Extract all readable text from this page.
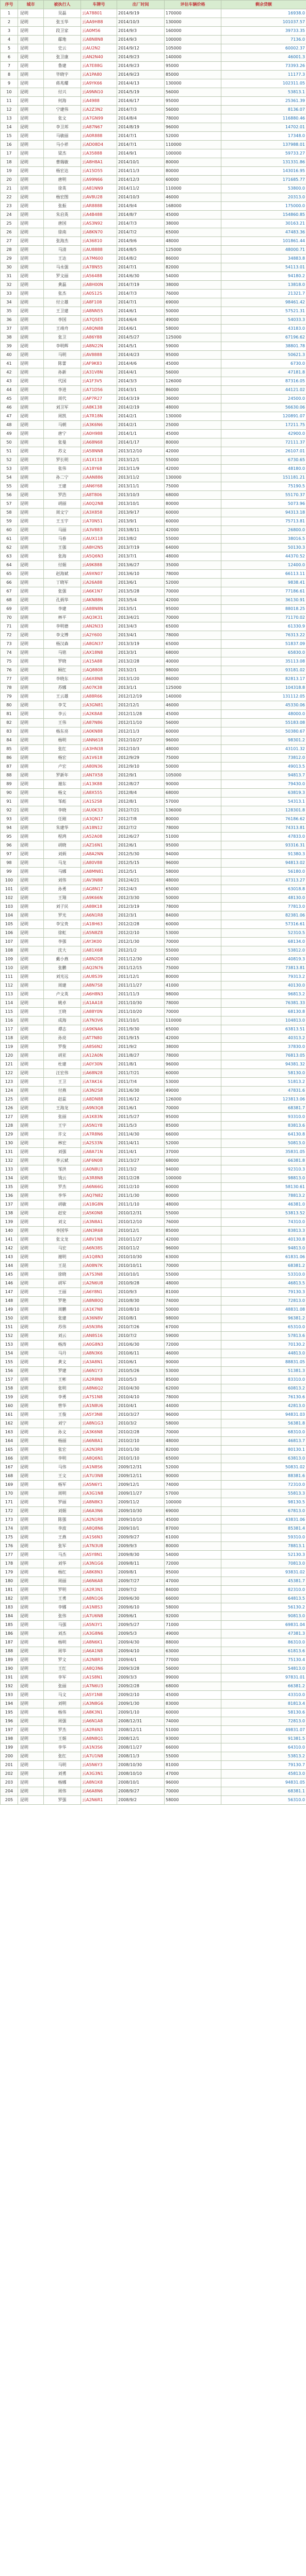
序号	城市	被执行人	车牌号	出厂时间	评估车辆价格	剩余贷额
1	昆明	吴磊	云A78801	2014/9/19	170000	16938.0
2	昆明	张玉华	云AA9H88	2014/10/3	130000	101037.57
3	昆明	段卫家	云A0M56	2014/9/3	160000	39733.35
4	昆明	鄢地	云A8N8N8	2014/9/3	100000	7136.0
5	昆明	史云	云AU2N2	2014/9/12	105000	60002.37
6	昆明	张卫康	云AN2N40	2014/9/23	140000	46001.3
7	昆明	鲁建	云A7E88G	2014/9/23	95000	73393.26
8	昆明	毕晓宇	云A1PA80	2014/9/23	85000	11177.3
9	昆明	蒋兆耀	云A9YK66	2014/4/13	130000	102311.05
10	昆明	付兴	云A9NN10	2014/5/19	56000	53813.1
11	昆明	何海	云A4988	2014/6/17	95000	25361.39
12	昆明	宁建伟	云A2Z3N2	2014/7/3	56000	8136.07
13	昆明	张文	云A7GN99	2014/8/4	78000	116880.46
14	昆明	李卫邦	云A87N67	2014/8/19	96000	14702.01
15	昆明	马敏丽	云A0R888	2014/7/1	52000	17348.0
16	昆明	马小祥	云AD08D4	2014/7/1	110000	137988.01
17	昆明	梁杰	云A35888	2014/9/1	100000	59733.27
18	昆明	曹瑞敏	云A8H8A1	2014/10/1	80000	131331.86
19	昆明	杨宏达	云A15D55	2014/11/3	80000	143016.95
20	昆明	唐明	云A99N66	2014/12/3	60000	171685.77
21	昆明	徐英	云A81NN9	2014/11/2	110000	53800.0
22	昆明	杨宏图	云AV8U28	2014/10/3	46000	20313.0
23	昆明	张振	云AR8888	2014/9/4	168000	175000.0
24	昆明	朱启英	云A4B488	2014/8/7	45000	154860.85
25	昆明	唐国	云AS3N92	2014/7/3	38000	30163.21
26	昆明	徐南	云A8KN70	2014/7/2	65000	47483.36
27	昆明	张海杰	云A36810	2014/9/6	48000	101861.44
28	昆明	马清	云AU8888	2014/8/5	125000	48000.71
29	昆明	王达	云A7M600	2014/8/2	86000	34883.8
30	昆明	马永强	云A78N55	2014/7/1	82000	54113.01
31	昆明	罗文丽	云A56488	2014/6/30	54000	94180.2
32	昆明	黄磊	云A8H00N	2014/7/19	38000	13818.0
33	昆明	张杰	云A0S12S	2014/7/3	76000	21321.7
34	昆明	付立雄	云A8F108	2014/7/1	69000	98461.42
35	昆明	王卫建	云A8NN55	2014/6/1	50000	57521.31
36	昆明	李国	云A7Q5E5	2014/6/4	49000	54033.3
37	昆明	王靖舟	云A8QN88	2014/6/1	58000	43183.0
38	昆明	张卫	云A86Y88	2014/5/27	125000	67196.62
39	昆明	李明辉	云A8N22N	2014/5/1	59000	38801.78
40	昆明	马明	云AV8888	2014/4/23	95000	50621.3
41	昆明	陈蕾	云AF9K83	2014/4/6	45000	6730.0
42	昆明	孙新	云A31V8N	2014/4/1	56000	47181.8
43	昆明	代国	云A1F3V5	2014/3/3	126000	87316.05
44	昆明	李进	云A71D56	2014/3/1	86000	44121.02
45	昆明	周代	云AP7R27	2014/3/19	36000	24500.0
46	昆明	刘卫军	云A8K138	2014/2/19	48000	56630.06
47	昆明	周凯	云A7R18N	2014/2/1	130000	120891.07
48	昆明	马朝	云A3K6N6	2014/2/1	25000	17211.75
49	昆明	唐宁	云A0H988	2014/1/1	45000	42900.0
50	昆明	张曼	云A68N68	2014/1/17	80000	72111.37
51	昆明	苏文	云A58NN8	2013/12/10	42000	26107.01
52	昆明	罗长明	云A1X118	2013/12/1	55000	6730.65
53	昆明	张伟	云A18Y68	2013/11/9	42000	48180.0
54	昆明	孙二宁	云AAN886	2013/11/2	130000	151181.21
55	昆明	王建	云AN6Y68	2013/11/1	75000	75190.5
56	昆明	罗浩	云A8T806	2013/10/3	68000	55170.37
57	昆明	胡丽	云A0Q2N8	2013/10/1	80000	5073.96
58	昆明	周文宁	云A3X858	2013/9/17	60000	94313.18
59	昆明	王玉宇	云A70N51	2013/9/1	60000	75713.81
60	昆明	马丽	云A3V883	2013/8/11	42000	26800.0
61	昆明	马春	云AUX118	2013/8/2	55000	38016.5
62	昆明	王强	云A8H2N5	2013/7/19	64000	50130.3
63	昆明	张海	云A5Q6N3	2013/7/1	48000	44370.52
64	昆明	付娟	云A9K888	2013/6/27	35000	12400.0
65	昆明	赵海斌	云A9XN07	2013/6/10	78000	66113.11
66	昆明	丁晓军	云A26A88	2013/6/1	52000	9838.41
67	昆明	张强	云A6K1N7	2013/5/28	70000	77186.61
68	昆明	孔炳华	云AKN886	2013/5/4	42000	36130.91
69	昆明	李建	云A88N8N	2013/5/1	95000	88018.25
70	昆明	林平	云AQ3K31	2013/4/21	70000	71170.02
71	昆明	李明德	云AN2N33	2013/4/3	65000	61330.9
72	昆明	李文博	云A2Y600	2013/4/1	78000	76313.22
73	昆明	杨汉森	云A8GN37	2013/3/19	65000	51837.09
74	昆明	马铭	云AX18N8	2013/3/1	68000	65830.0
75	昆明	罗晓	云A15A88	2013/2/28	40000	35113.08
76	昆明	顾红	云AQ8808	2013/2/1	98000	93181.02
77	昆明	李晓东	云A6X8N8	2013/1/20	86000	82813.17
78	昆明	苏娜	云A07K38	2013/1/1	125000	104318.8
79	昆明	王云雄	云A88R66	2012/12/19	140000	131112.05
80	昆明	李艾	云A3GN81	2012/12/1	46000	45330.06
81	昆明	李云	云A2K8A8	2012/11/28	45000	48000.0
82	昆明	王伟	云A87N86	2012/11/10	56000	55183.08
83	昆明	杨东亮	云A0KN88	2012/11/3	60000	50380.67
84	昆明	杨明	云ANN618	2012/10/27	96000	98301.2
85	昆明	张红	云A3HN38	2012/10/3	48000	43101.32
86	昆明	杨宏	云A1V618	2012/9/29	75000	73812.0
87	昆明	卢宏	云A80N36	2012/9/10	50000	49013.5
88	昆明	罗新年	云AN7X58	2012/9/1	105000	94813.7
89	昆明	谢东	云A13K88	2012/8/27	90000	79430.0
90	昆明	杨文	云A8X555	2012/8/4	68000	63819.3
91	昆明	邹彪	云A1S2S8	2012/8/1	57000	54313.1
92	昆明	李晓	云AU0K33	2012/7/21	136000	128301.8
93	昆明	任刚	云A3QN17	2012/7/8	80000	76186.62
94	昆明	朱建华	云A18N12	2012/7/2	78000	74313.81
95	昆明	程鸿	云A52A08	2012/6/27	51000	47833.0
96	昆明	胡晓	云AZ16N1	2012/6/1	95000	93316.31
97	昆明	刘炳	云A8A2NN	2012/5/30	94000	91380.3
98	昆明	马龙	云A80V88	2012/5/15	96000	94813.02
99	昆明	马娜	云A8MN81	2012/5/1	58000	56180.0
100	昆明	刘伟	云AV3N88	2012/4/21	48000	47313.27
101	昆明	孙勇	云AG8N17	2012/4/3	65000	63018.8
102	昆明	王翔	云A9K66N	2012/3/30	50000	48130.0
103	昆明	刘子民	云A88K18	2012/3/19	78000	77813.0
104	昆明	罗光	云A6N1R8	2012/3/1	84000	82381.06
105	昆明	李宝贵	云A18H63	2012/2/28	60000	57316.61
106	昆明	徐虹	云A5N8Z8	2012/2/10	53000	52310.5
107	昆明	李强	云AY3K00	2012/1/30	70000	68134.0
108	昆明	沈大	云A81X68	2012/1/2	55000	53812.0
109	昆明	戴小燕	云A8N2D8	2011/12/30	42000	40819.3
110	昆明	张鹏	云AQ2N76	2011/12/15	75000	73813.81
111	昆明	刘光远	云AU8S39	2011/12/1	80000	79313.2
112	昆明	周建	云A8N7S8	2011/11/27	41000	40130.0
113	昆明	卢文英	云A6H8N3	2011/11/3	98000	96813.2
114	昆明	姚卓	云A1AA18	2011/10/30	78000	76381.33
115	昆明	王晓	云A88Y0N	2011/10/20	70000	68130.8
116	昆明	成海	云A7N3V6	2011/10/1	110000	104813.0
117	昆明	谭志	云A9KNA6	2011/9/30	65000	63813.51
118	昆明	孙亮	云AT7N80	2011/9/15	42000	40313.2
119	昆明	罗俊	云A8S6N2	2011/9/2	38000	37830.0
120	昆明	胡亚	云A12A0N	2011/8/27	78000	76813.05
121	昆明	杜建	云A0Y30N	2011/8/1	96000	94381.32
122	昆明	汪宏伟	云A68N28	2011/7/21	60000	58130.0
123	昆明	王卫	云A7AK16	2011/7/4	53000	51813.2
124	昆明	付燕	云A3N2S8	2011/6/30	49000	47831.6
125	昆明	赵蕊	云A8DN88	2011/6/12	126000	123813.06
126	昆明	王海龙	云A9N3Q8	2011/6/1	70000	68381.7
127	昆明	张丽	云A1K83N	2011/5/27	95000	93310.0
128	昆明	王宇	云A5N1Y8	2011/5/3	85000	83813.6
129	昆明	许文	云A7R8N6	2011/4/30	66000	64130.8
130	昆明	林宏	云A2S33N	2011/4/11	52000	50813.0
131	昆明	刘强	云A8A71N	2011/4/1	37000	35831.05
132	昆明	李云斌	云AF6N08	2011/3/27	68000	66381.8
133	昆明	邹洪	云A0N8U3	2011/3/2	94000	92310.3
134	昆明	钱云	云A3R8N8	2011/2/28	100000	98813.0
135	昆明	罗杰	云A6N66G	2011/2/10	60000	58130.61
136	昆明	李华	云AQ7N82	2011/1/30	80000	78813.2
137	昆明	胡敏	云A18G8N	2011/1/10	48000	46381.0
138	昆明	赵安	云A5K0N8	2010/12/31	55000	53813.52
139	昆明	刘文	云A3N8A1	2010/12/10	76000	74310.0
140	昆明	李国华	云AN3R68	2010/12/1	85000	83813.3
141	昆明	张文龙	云A8V1N8	2010/11/27	42000	40130.8
142	昆明	马宏	云A6N38S	2010/11/2	96000	94813.0
143	昆明	谢明	云A1Q8N3	2010/10/30	63000	61831.06
144	昆明	王昆	云A08N7K	2010/10/11	70000	68381.2
145	昆明	徐晓	云A7S3N8	2010/10/1	55000	53310.0
146	昆明	胡军	云A2N6U8	2010/9/28	48000	46813.5
147	昆明	王丽	云A6Y8N1	2010/9/3	81000	79130.3
148	昆明	罗艳	云A8N80Q	2010/8/30	74000	72813.0
149	昆明	周鹏	云A1K7N8	2010/8/10	50000	48831.08
150	昆明	张建	云A36N8V	2010/8/1	98000	96381.2
151	昆明	苏伟	云A5N3R6	2010/7/26	67000	65310.0
152	昆明	刘云	云AN8S16	2010/7/2	59000	57813.6
153	昆明	杨涛	云A0G8N3	2010/6/30	72000	70130.2
154	昆明	马丹	云A8N3K6	2010/6/11	46000	44813.0
155	昆明	黄文	云A3A8N1	2010/6/1	90000	88831.05
156	昆明	罗建	云A6N1Y3	2010/5/26	53000	51381.3
157	昆明	王彬	云A2R8N8	2010/5/3	85000	83310.0
158	昆明	张明	云A8N6Q2	2010/4/30	62000	60813.2
159	昆明	李勇	云A7S1N8	2010/4/10	78000	76130.6
160	昆明	曾华	云A1N8U6	2010/4/1	44000	42813.0
161	昆明	王俊	云A5Y3N8	2010/3/27	96000	94831.03
162	昆明	刘宁	云A8N1G3	2010/3/2	58000	56381.8
163	昆明	孙文	云A3K6N8	2010/2/28	70000	68310.0
164	昆明	杨丽	云A6N8A1	2010/2/10	48000	46813.7
165	昆明	张宏	云A2N3R8	2010/1/30	82000	80130.1
166	昆明	李明	云A8Q6N1	2010/1/10	65000	63813.0
167	昆明	马伟	云A1N8S6	2009/12/31	52000	50831.02
168	昆明	王文	云A7U3N8	2009/12/11	90000	88381.6
169	昆明	杨军	云A5N6Y1	2009/12/1	74000	72310.0
170	昆明	周明	云A3G1N8	2009/11/27	57000	55813.3
171	昆明	罗丽	云A8N8K3	2009/11/2	100000	98130.5
172	昆明	刘娟	云A6A3N6	2009/10/30	69000	67813.0
173	昆明	陈强	云A2N1R8	2009/10/10	45000	43831.06
174	昆明	李波	云A8Q8N6	2009/10/1	87000	85381.4
175	昆明	王燕	云A1S6N3	2009/9/27	61000	59310.0
176	昆明	张军	云A7N3U8	2009/9/3	80000	78813.1
177	昆明	马杰	云A5Y8N1	2009/8/30	54000	52130.3
178	昆明	刘华	云A3N1G6	2009/8/11	72000	70813.0
179	昆明	杨红	云A8K8N3	2009/8/1	95000	93831.02
180	昆明	周丽	云A6N6A8	2009/7/27	47000	45381.7
181	昆明	罗明	云A2R3N1	2009/7/2	84000	82310.0
182	昆明	王勇	云A8N1Q6	2009/6/30	66000	64813.5
183	昆明	李娜	云A1N8S3	2009/6/10	58000	56130.2
184	昆明	张伟	云A7U6N8	2009/6/1	92000	90813.0
185	昆明	马强	云A5N3Y1	2009/5/27	71000	69831.04
186	昆明	刘杰	云A3G8N6	2009/5/3	49000	47381.3
187	昆明	杨明	云A8N6K1	2009/4/30	88000	86310.0
188	昆明	周华	云A6A1N8	2009/4/10	63000	61813.6
189	昆明	罗文	云A2N8R3	2009/4/1	77000	75130.4
190	昆明	王红	云A8Q3N6	2009/3/28	56000	54813.0
191	昆明	李军	云A1S8N1	2009/3/3	99000	97831.01
192	昆明	张丽	云A7N6U3	2009/2/28	68000	66381.2
193	昆明	马文	云A5Y1N8	2009/2/10	45000	43310.0
194	昆明	刘明	云A3N8G6	2009/1/30	83000	81813.4
195	昆明	杨伟	云A8K3N1	2009/1/10	60000	58130.6
196	昆明	周强	云A6N1A8	2008/12/31	74000	72813.0
197	昆明	罗杰	云A2R6N3	2008/12/11	51000	49831.07
198	昆明	王娟	云A8N8Q1	2008/12/1	93000	91381.5
199	昆明	李华	云A1N3S6	2008/11/27	66000	64310.0
200	昆明	张红	云A7U1N8	2008/11/3	55000	53813.2
201	昆明	马明	云A5N6Y3	2008/10/30	81000	79130.7
202	昆明	刘勇	云A3G3N1	2008/10/10	47000	45813.0
203	昆明	杨娜	云A8N1K8	2008/10/1	96000	94831.05
204	昆明	周伟	云A6A8N6	2008/9/27	70000	68381.1
205	昆明	罗强	云A2N6R1	2008/9/2	58000	56310.0
